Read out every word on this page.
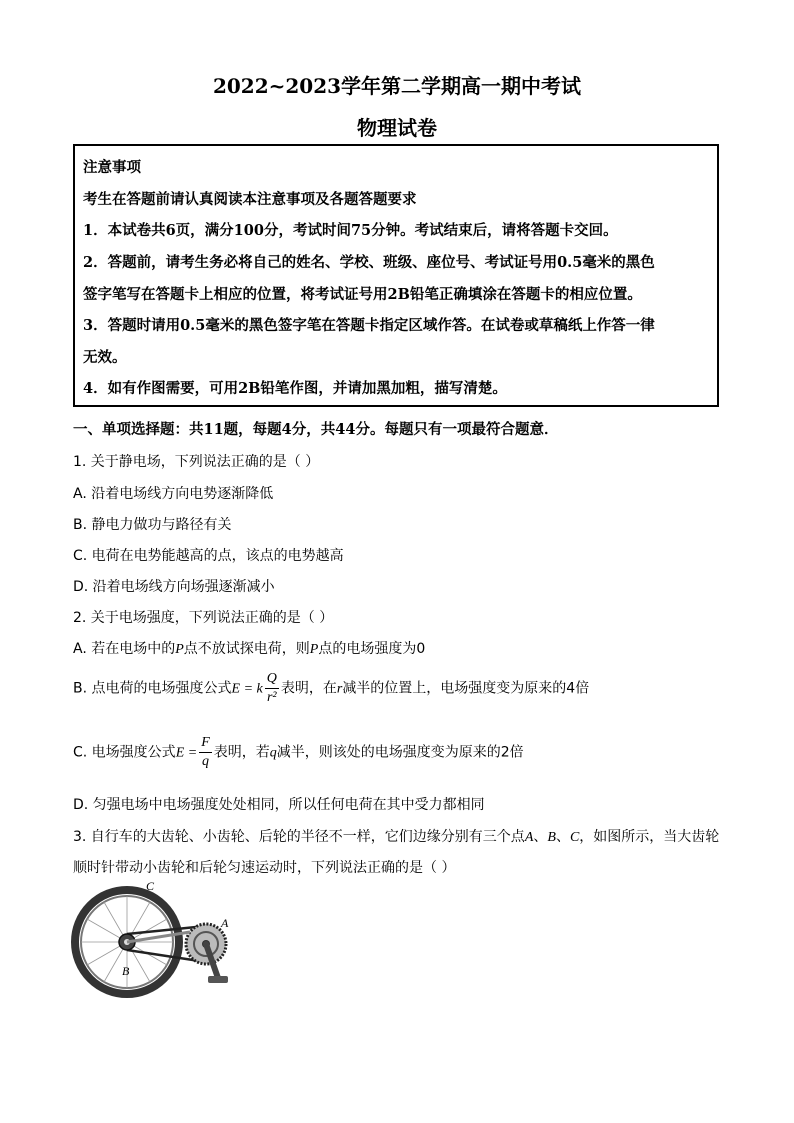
2022~2023学年第二学期高一期中考试
物理试卷
注意事项
考生在答题前请认真阅读本注意事项及各题答题要求
1．本试卷共6页，满分100分，考试时间75分钟。考试结束后，请将答题卡交回。
2．答题前，请考生务必将自己的姓名、学校、班级、座位号、考试证号用0.5毫米的黑色
签字笔写在答题卡上相应的位置，将考试证号用2B铅笔正确填涂在答题卡的相应位置。
3．答题时请用0.5毫米的黑色签字笔在答题卡指定区域作答。在试卷或草稿纸上作答一律
无效。
4．如有作图需要，可用2B铅笔作图，并请加黑加粗，描写清楚。
一、单项选择题：共11题，每题4分，共44分。每题只有一项最符合题意．
1. 关于静电场，下列说法正确的是（ ）
A. 沿着电场线方向电势逐渐降低
B. 静电力做功与路径有关
C. 电荷在电势能越高的点，该点的电势越高
D. 沿着电场线方向场强逐渐减小
2. 关于电场强度，下列说法正确的是（ ）
A. 若在电场中的P点不放试探电荷，则P点的电场强度为0
B. 点电荷的电场强度公式E = k $\frac{Q}{\text{r²}}$ 表明，在r减半的位置上，电场强度变为原来的4倍
C. 电场强度公式$E = \frac{F}{q}$ 表明，若q减半，则该处的电场强度变为原来的2倍
D. 匀强电场中电场强度处处相同，所以任何电荷在其中受力都相同
3. 自行车的大齿轮、小齿轮、后轮的半径不一样，它们边缘分别有三个点A、B、C，如图所示，当大齿轮
顺时针带动小齿轮和后轮匀速运动时，下列说法正确的是（ ）
A
B
C
